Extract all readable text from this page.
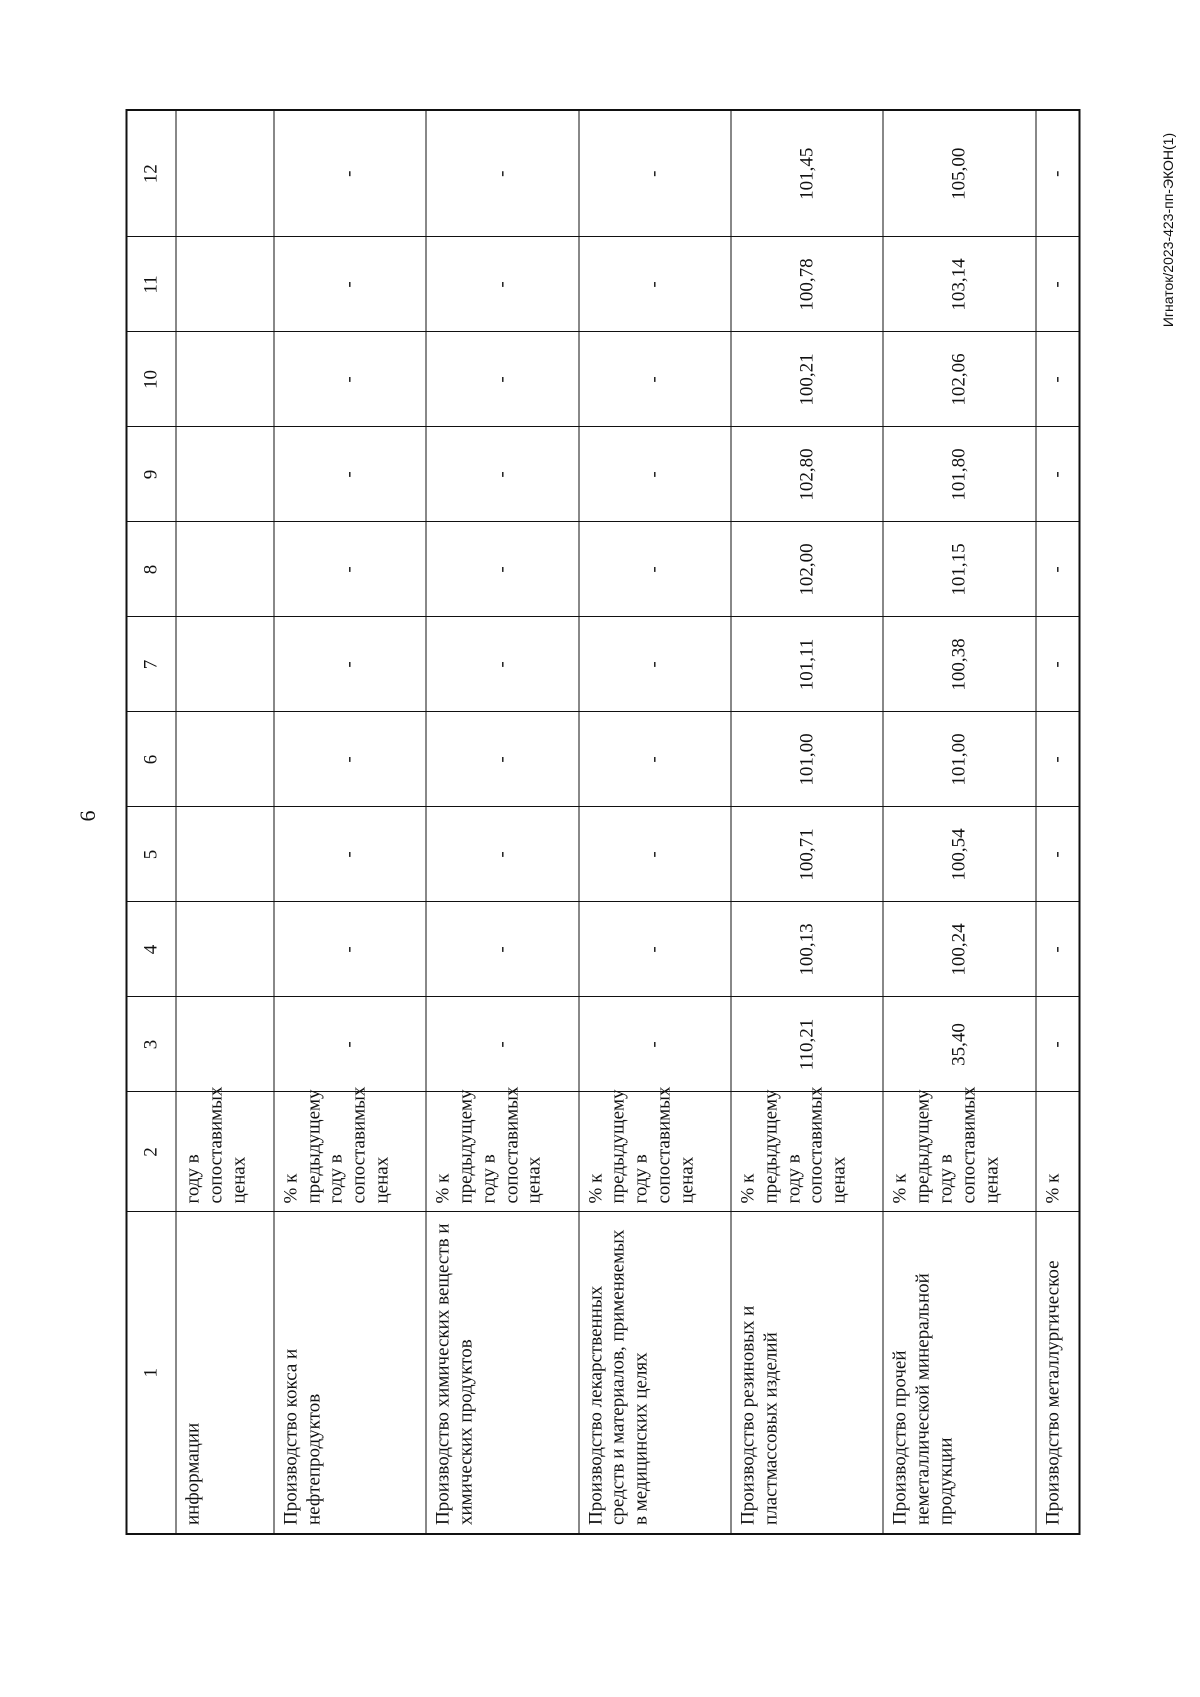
6
1	2	3	4	5	6	7	8	9	10	11	12
информации	году в сопоставимых ценах										
Производство кокса и нефтепродуктов	% к предыдущему году в сопоставимых ценах	-	-	-	-	-	-	-	-	-	-
Производство химических веществ и химических продуктов	% к предыдущему году в сопоставимых ценах	-	-	-	-	-	-	-	-	-	-
Производство лекарственных средств и материалов, применяемых в медицинских целях	% к предыдущему году в сопоставимых ценах	-	-	-	-	-	-	-	-	-	-
Производство резиновых и пластмассовых изделий	% к предыдущему году в сопоставимых ценах	110,21	100,13	100,71	101,00	101,11	102,00	102,80	100,21	100,78	101,45
Производство прочей неметаллической минеральной продукции	% к предыдущему году в сопоставимых ценах	35,40	100,24	100,54	101,00	100,38	101,15	101,80	102,06	103,14	105,00
Производство металлургическое	% к	-	-	-	-	-	-	-	-	-	-	Игнаток/2023-423-пп-ЭКОН(1)
